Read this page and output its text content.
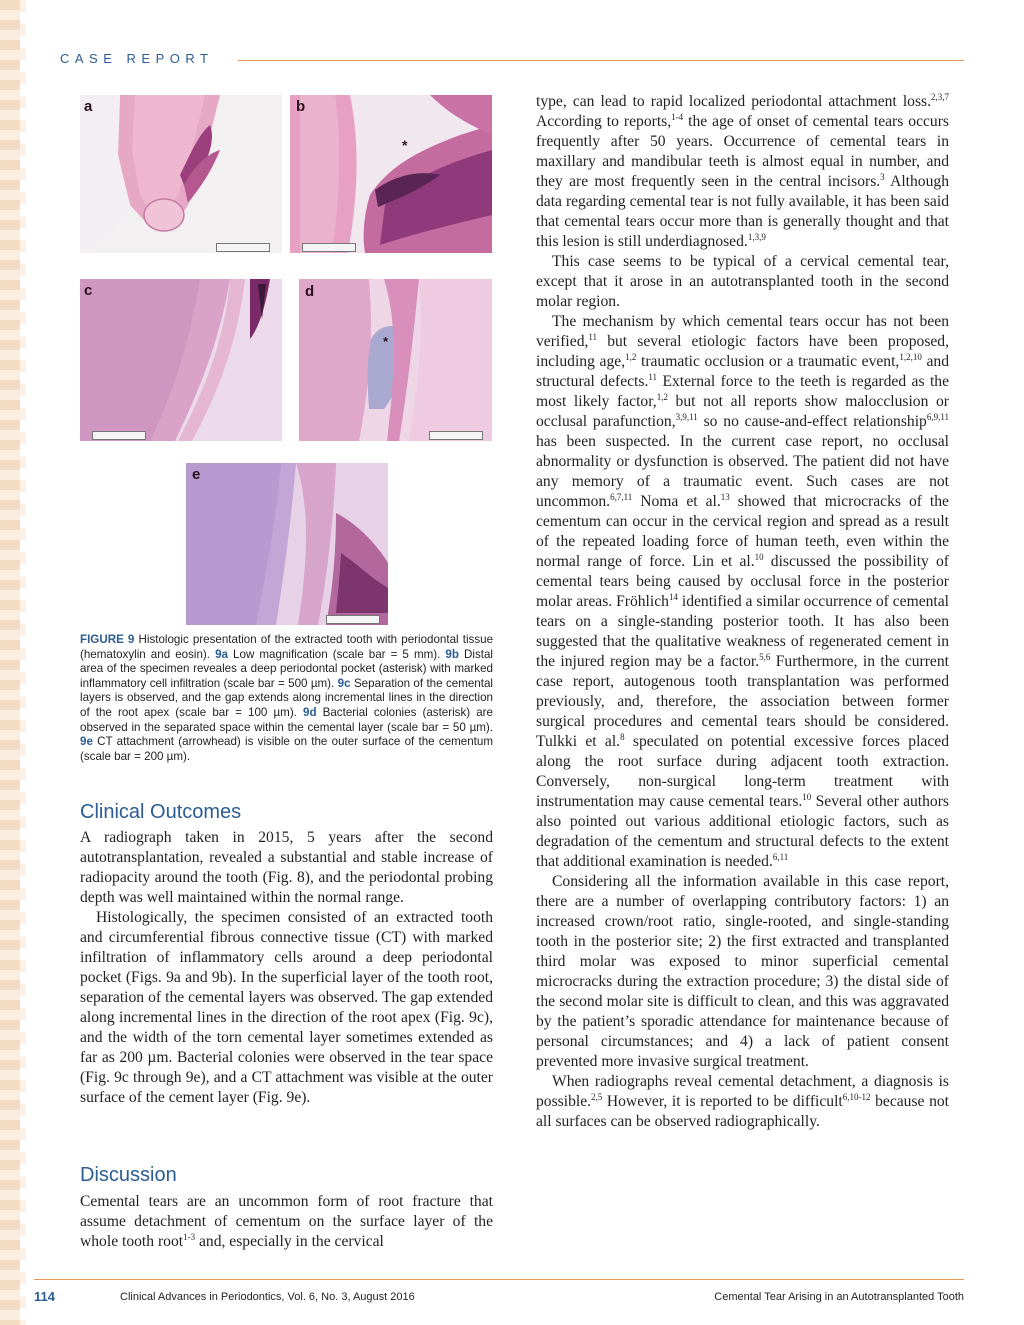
CASE REPORT
a	b
*
c	d
*
e
FIGURE 9 Histologic presentation of the extracted tooth with periodontal tissue (hematoxylin and eosin). 9a Low magnification (scale bar = 5 mm). 9b Distal area of the specimen reveales a deep periodontal pocket (asterisk) with marked inflammatory cell infiltration (scale bar = 500 µm). 9c Separation of the cemental layers is observed, and the gap extends along incremental lines in the direction of the root apex (scale bar = 100 µm). 9d Bacterial colonies (asterisk) are observed in the separated space within the cemental layer (scale bar = 50 µm). 9e CT attachment (arrowhead) is visible on the outer surface of the cementum (scale bar = 200 µm).
Clinical Outcomes

A radiograph taken in 2015, 5 years after the second autotransplantation, revealed a substantial and stable increase of radiopacity around the tooth (Fig. 8), and the periodontal probing depth was well maintained within the normal range.

Histologically, the specimen consisted of an extracted tooth and circumferential fibrous connective tissue (CT) with marked infiltration of inflammatory cells around a deep periodontal pocket (Figs. 9a and 9b). In the superficial layer of the tooth root, separation of the cemental layers was observed. The gap extended along incremental lines in the direction of the root apex (Fig. 9c), and the width of the torn cemental layer sometimes extended as far as 200 µm. Bacterial colonies were observed in the tear space (Fig. 9c through 9e), and a CT attachment was visible at the outer surface of the cement layer (Fig. 9e).

Discussion

Cemental tears are an uncommon form of root fracture that assume detachment of cementum on the surface layer of the whole tooth root$^{1-3}$ and, especially in the cervical

type, can lead to rapid localized periodontal attachment loss.$^{2,3,7}$ According to reports,$^{1-4}$ the age of onset of cemental tears occurs frequently after 50 years. Occurrence of cemental tears in maxillary and mandibular teeth is almost equal in number, and they are most frequently seen in the central incisors.$^3$ Although data regarding cemental tear is not fully available, it has been said that cemental tears occur more than is generally thought and that this lesion is still underdiagnosed.$^{1,3,9}$

This case seems to be typical of a cervical cemental tear, except that it arose in an autotransplanted tooth in the second molar region.

The mechanism by which cemental tears occur has not been verified,$^{11}$ but several etiologic factors have been proposed, including age,$^{1,2}$ traumatic occlusion or a traumatic event,$^{1,2,10}$ and structural defects.$^{11}$ External force to the teeth is regarded as the most likely factor,$^{1,2}$ but not all reports show malocclusion or occlusal parafunction,$^{3,9,11}$ so no cause-and-effect relationship$^{6,9,11}$ has been suspected. In the current case report, no occlusal abnormality or dysfunction is observed. The patient did not have any memory of a traumatic event. Such cases are not uncommon.$^{6,7,11}$ Noma et al.$^{13}$ showed that microcracks of the cementum can occur in the cervical region and spread as a result of the repeated loading force of human teeth, even within the normal range of force. Lin et al.$^{10}$ discussed the possibility of cemental tears being caused by occlusal force in the posterior molar areas. Fröhlich$^{14}$ identified a similar occurrence of cemental tears on a single-standing posterior tooth. It has also been suggested that the qualitative weakness of regenerated cement in the injured region may be a factor.$^{5,6}$ Furthermore, in the current case report, autogenous tooth transplantation was performed previously, and, therefore, the association between former surgical procedures and cemental tears should be considered. Tulkki et al.$^8$ speculated on potential excessive forces placed along the root surface during adjacent tooth extraction. Conversely, non-surgical long-term treatment with instrumentation may cause cemental tears.$^{10}$ Several other authors also pointed out various additional etiologic factors, such as degradation of the cementum and structural defects to the extent that additional examination is needed.$^{6,11}$

Considering all the information available in this case report, there are a number of overlapping contributory factors: 1) an increased crown/root ratio, single-rooted, and single-standing tooth in the posterior site; 2) the first extracted and transplanted third molar was exposed to minor superficial cemental microcracks during the extraction procedure; 3) the distal side of the second molar site is difficult to clean, and this was aggravated by the patient’s sporadic attendance for maintenance because of personal circumstances; and 4) a lack of patient consent prevented more invasive surgical treatment.

When radiographs reveal cemental detachment, a diagnosis is possible.$^{2,5}$ However, it is reported to be difficult$^{6,10-12}$ because not all surfaces can be observed radiographically.

114	Clinical Advances in Periodontics, Vol. 6, No. 3, August 2016	Cemental Tear Arising in an Autotransplanted Tooth
